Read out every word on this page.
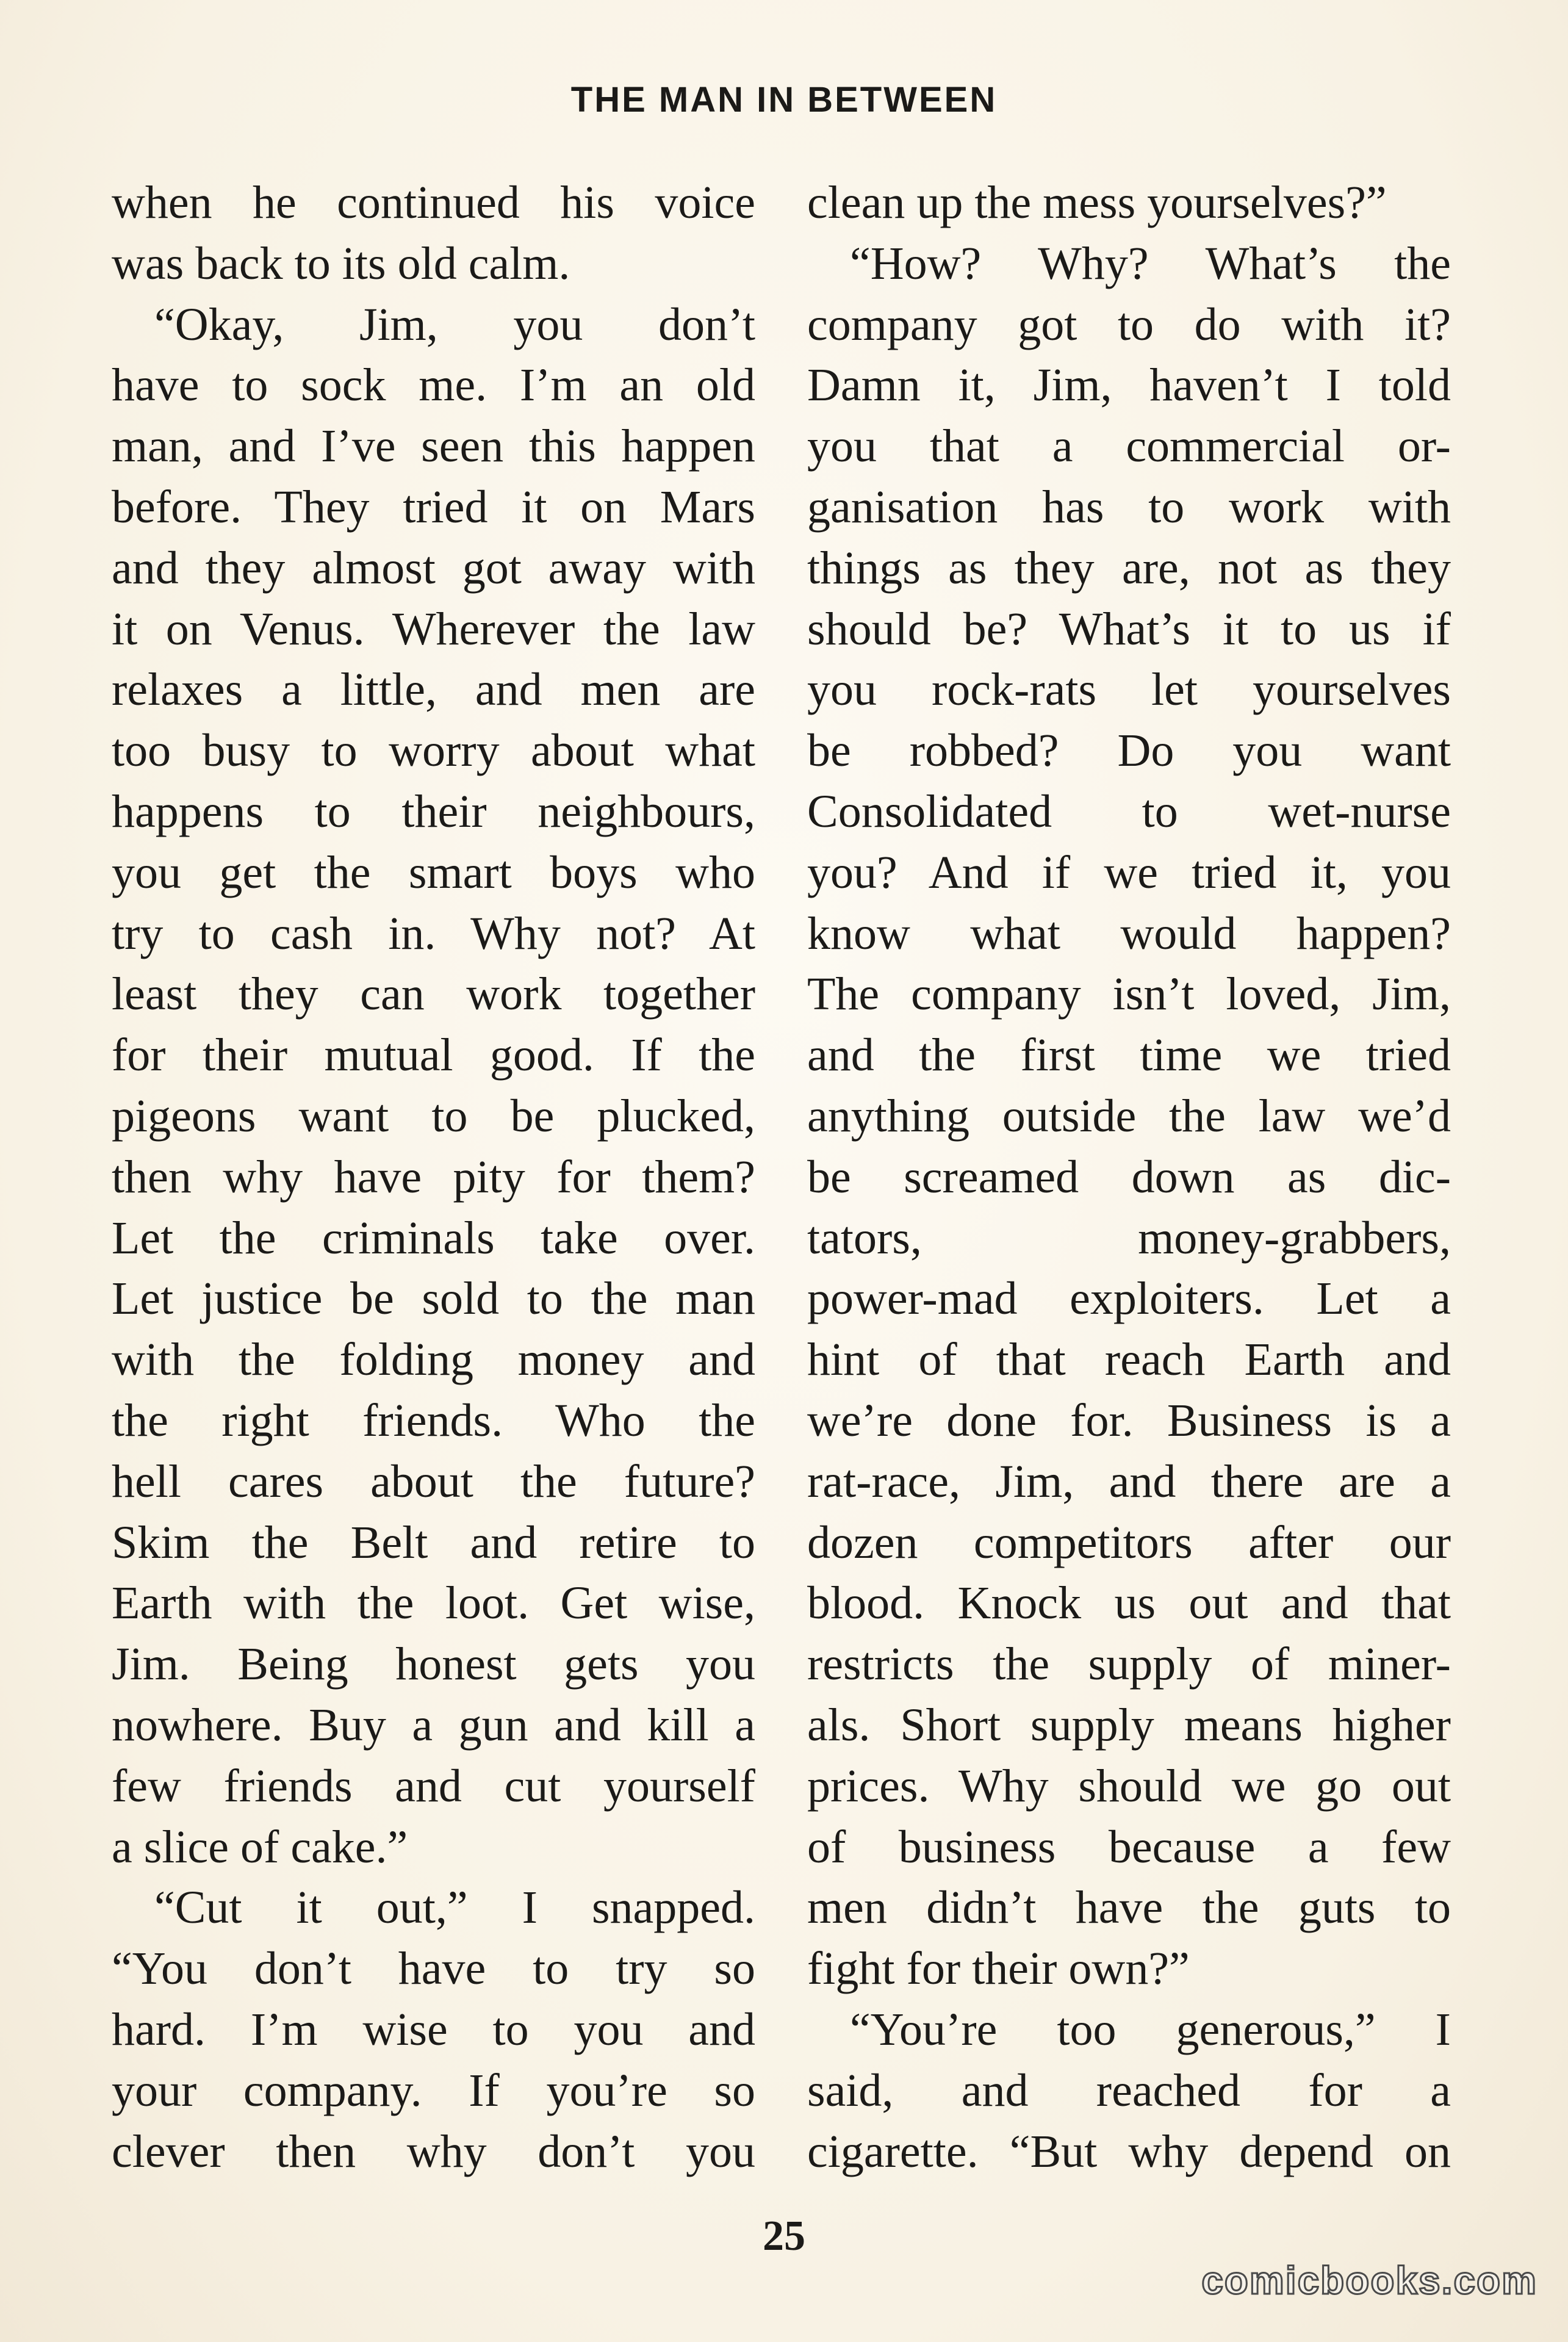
THE MAN IN BETWEEN
when he continued his voice
was back to its old calm.
“Okay, Jim, you don’t
have to sock me. I’m an old
man, and I’ve seen this happen
before. They tried it on Mars
and they almost got away with
it on Venus. Wherever the law
relaxes a little, and men are
too busy to worry about what
happens to their neighbours,
you get the smart boys who
try to cash in. Why not? At
least they can work together
for their mutual good. If the
pigeons want to be plucked,
then why have pity for them?
Let the criminals take over.
Let justice be sold to the man
with the folding money and
the right friends. Who the
hell cares about the future?
Skim the Belt and retire to
Earth with the loot. Get wise,
Jim. Being honest gets you
nowhere. Buy a gun and kill a
few friends and cut yourself
a slice of cake.”
“Cut it out,” I snapped.
“You don’t have to try so
hard. I’m wise to you and
your company. If you’re so
clever then why don’t you
clean up the mess yourselves?”
“How? Why? What’s the
company got to do with it?
Damn it, Jim, haven’t I told
you that a commercial or-
ganisation has to work with
things as they are, not as they
should be? What’s it to us if
you rock-rats let yourselves
be robbed? Do you want
Consolidated to wet-nurse
you? And if we tried it, you
know what would happen?
The company isn’t loved, Jim,
and the first time we tried
anything outside the law we’d
be screamed down as dic-
tators, money-grabbers,
power-mad exploiters. Let a
hint of that reach Earth and
we’re done for. Business is a
rat-race, Jim, and there are a
dozen competitors after our
blood. Knock us out and that
restricts the supply of miner-
als. Short supply means higher
prices. Why should we go out
of business because a few
men didn’t have the guts to
fight for their own?”
“You’re too generous,” I
said, and reached for a
cigarette. “But why depend on
25
comicbooks.com
